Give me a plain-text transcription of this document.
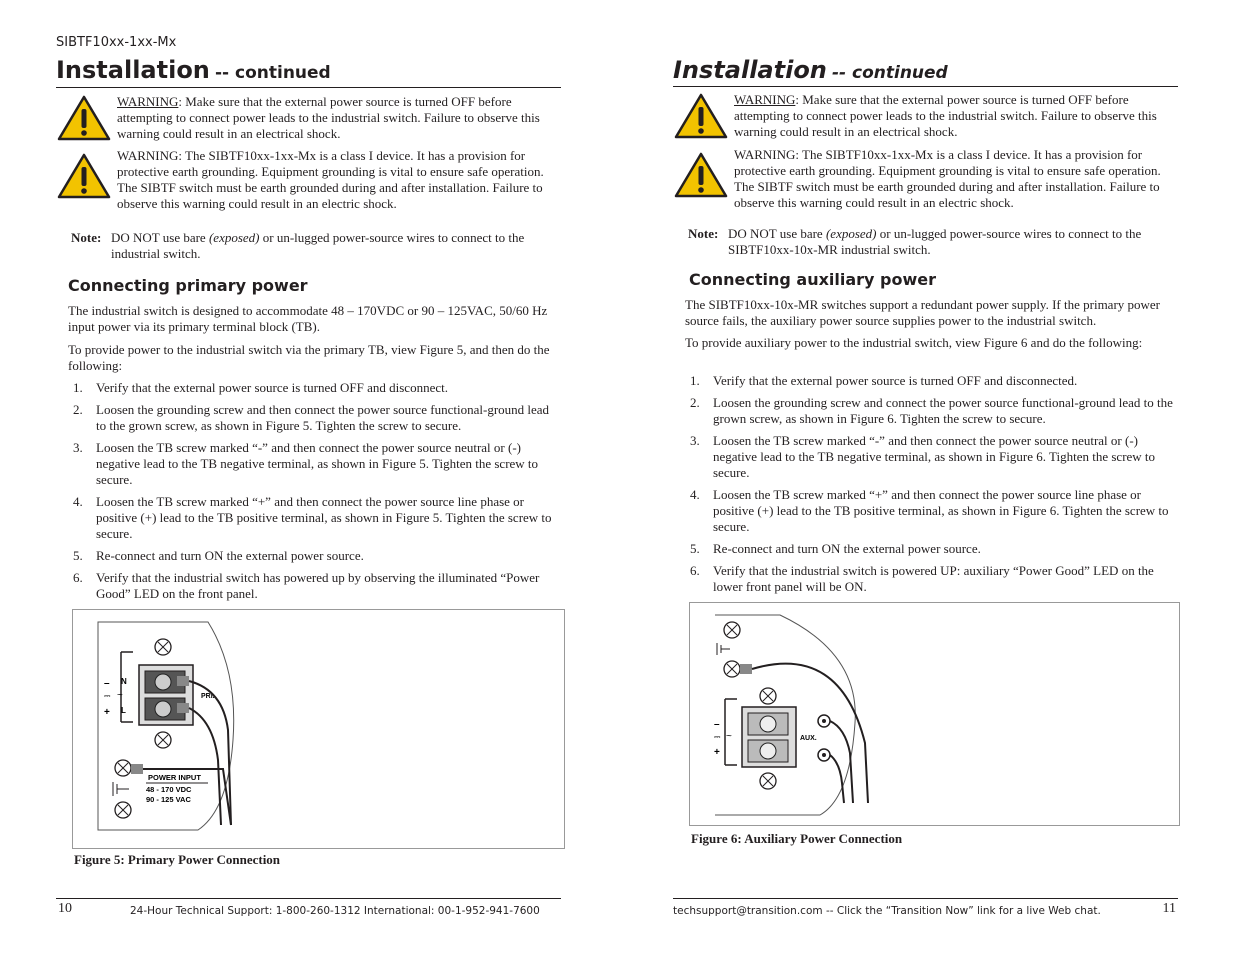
SIBTF10xx-1xx-Mx
Installation -- continued
WARNING: Make sure that the external power source is turned OFF before attempting to connect power leads to the industrial switch. Failure to observe this warning could result in an electrical shock.
WARNING: The SIBTF10xx-1xx-Mx is a class I device. It has a provision for protective earth grounding. Equipment grounding is vital to ensure safe operation. The SIBTF switch must be earth grounded during and after installation. Failure to observe this warning could result in an electric shock.
Note: DO NOT use bare (exposed) or un-lugged power-source wires to connect to the industrial switch.
Connecting primary power
The industrial switch is designed to accommodate 48 – 170VDC or 90 – 125VAC, 50/60 Hz input power via its primary terminal block (TB).
To provide power to the industrial switch via the primary TB, view Figure 5, and then do the following:
1. Verify that the external power source is turned OFF and disconnect.
2. Loosen the grounding screw and then connect the power source functional-ground lead to the grown screw, as shown in Figure 5. Tighten the screw to secure.
3. Loosen the TB screw marked “-” and then connect the power source neutral or (-) negative lead to the TB negative terminal, as shown in Figure 5. Tighten the screw to secure.
4. Loosen the TB screw marked “+” and then connect the power source line phase or positive (+) lead to the TB positive terminal, as shown in Figure 5. Tighten the screw to secure.
5. Re-connect and turn ON the external power source.
6. Verify that the industrial switch has powered up by observing the illuminated “Power Good” LED on the front panel.
–
+
⎓ ~
N
L
PRI.
POWER INPUT
48 - 170 VDC
90 - 125 VAC
Figure 5: Primary Power Connection
10	24-Hour Technical Support: 1-800-260-1312 International: 00-1-952-941-7600
Installation -- continued
WARNING: Make sure that the external power source is turned OFF before attempting to connect power leads to the industrial switch. Failure to observe this warning could result in an electrical shock.
WARNING: The SIBTF10xx-1xx-Mx is a class I device. It has a provision for protective earth grounding. Equipment grounding is vital to ensure safe operation. The SIBTF switch must be earth grounded during and after installation. Failure to observe this warning could result in an electric shock.
Note: DO NOT use bare (exposed) or un-lugged power-source wires to connect to the SIBTF10xx-10x-MR industrial switch.
Connecting auxiliary power
The SIBTF10xx-10x-MR switches support a redundant power supply. If the primary power source fails, the auxiliary power source supplies power to the industrial switch.
To provide auxiliary power to the industrial switch, view Figure 6 and do the following:
1. Verify that the external power source is turned OFF and disconnected.
2. Loosen the grounding screw and connect the power source functional-ground lead to the grown screw, as shown in Figure 6. Tighten the screw to secure.
3. Loosen the TB screw marked “-” and then connect the power source neutral or (-) negative lead to the TB negative terminal, as shown in Figure 6. Tighten the screw to secure.
4. Loosen the TB screw marked “+” and then connect the power source line phase or positive (+) lead to the TB positive terminal, as shown in Figure 6. Tighten the screw to secure.
5. Re-connect and turn ON the external power source.
6. Verify that the industrial switch is powered UP: auxiliary “Power Good” LED on the lower front panel will be ON.
–
+
⎓ ~	AUX.
Figure 6: Auxiliary Power Connection
techsupport@transition.com -- Click the “Transition Now” link for a live Web chat.	11
